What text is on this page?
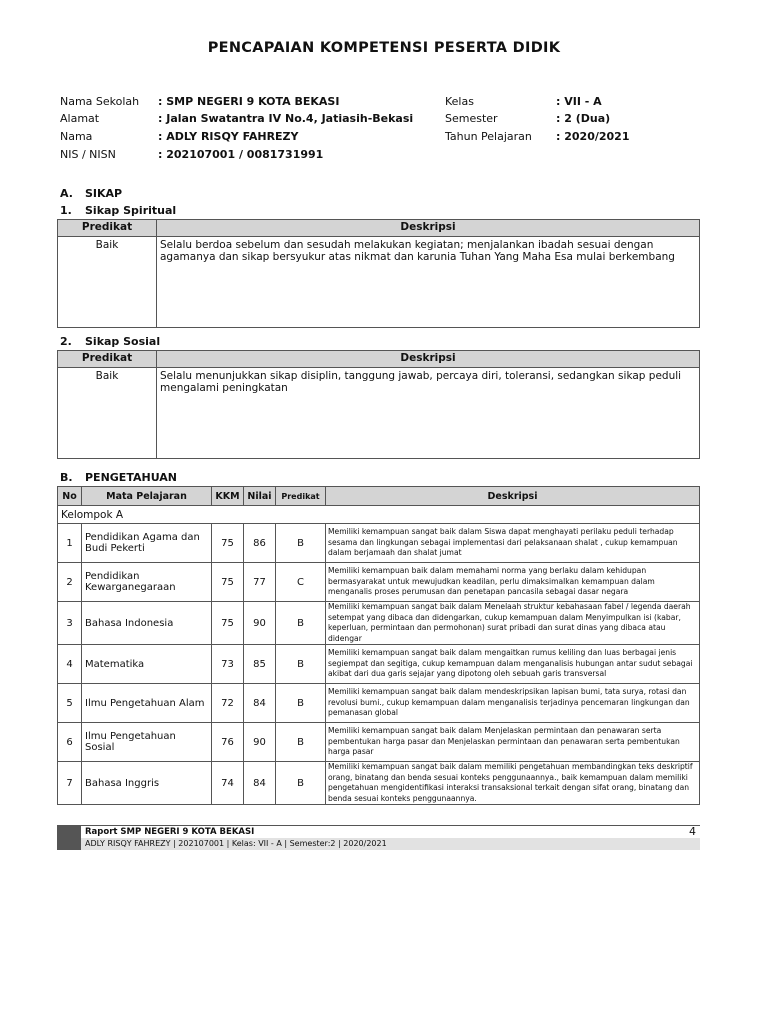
PENCAPAIAN KOMPETENSI PESERTA DIDIK
Nama Sekolah : SMP NEGERI 9 KOTA BEKASI
Alamat	: Jalan Swatantra IV No.4, Jatiasih-Bekasi
Nama	: ADLY RISQY FAHREZY
NIS / NISN	: 202107001 / 0081731991
Kelas	: VII - A
Semester	: 2 (Dua)
Tahun Pelajaran : 2020/2021
A. SIKAP
1. Sikap Spiritual
Predikat	Deskripsi
Baik	Selalu berdoa sebelum dan sesudah melakukan kegiatan; menjalankan ibadah sesuai dengan agamanya dan sikap bersyukur atas nikmat dan karunia Tuhan Yang Maha Esa mulai berkembang
2. Sikap Sosial
Predikat	Deskripsi
Baik	Selalu menunjukkan sikap disiplin, tanggung jawab, percaya diri, toleransi, sedangkan sikap peduli mengalami peningkatan
B. PENGETAHUAN
No	Mata Pelajaran	KKM	Nilai	Predikat	Deskripsi
Kelompok A					
1	Pendidikan Agama dan Budi Pekerti	75	86	B	Memiliki kemampuan sangat baik dalam Siswa dapat menghayati perilaku peduli terhadap sesama dan lingkungan sebagai implementasi dari pelaksanaan shalat , cukup kemampuan dalam berjamaah dan shalat jumat
2	Pendidikan Kewarganegaraan	75	77	C	Memiliki kemampuan baik dalam memahami norma yang berlaku dalam kehidupan bermasyarakat untuk mewujudkan keadilan, perlu dimaksimalkan kemampuan dalam menganalis proses perumusan dan penetapan pancasila sebagai dasar negara
3	Bahasa Indonesia	75	90	B	Memiliki kemampuan sangat baik dalam Menelaah struktur kebahasaan fabel / legenda daerah setempat yang dibaca dan didengarkan, cukup kemampuan dalam Menyimpulkan isi (kabar, keperluan, permintaan dan permohonan) surat pribadi dan surat dinas yang dibaca atau didengar
4	Matematika	73	85	B	Memiliki kemampuan sangat baik dalam mengaitkan rumus keliling dan luas berbagai jenis segiempat dan segitiga, cukup kemampuan dalam menganalisis hubungan antar sudut sebagai akibat dari dua garis sejajar yang dipotong oleh sebuah garis transversal
5	Ilmu Pengetahuan Alam	72	84	B	Memiliki kemampuan sangat baik dalam mendeskripsikan lapisan bumi, tata surya, rotasi dan revolusi bumi., cukup kemampuan dalam menganalisis terjadinya pencemaran lingkungan dan pemanasan global
6	Ilmu Pengetahuan Sosial	76	90	B	Memiliki kemampuan sangat baik dalam Menjelaskan permintaan dan penawaran serta pembentukan harga pasar dan Menjelaskan permintaan dan penawaran serta pembentukan harga pasar
7	Bahasa Inggris	74	84	B	Memiliki kemampuan sangat baik dalam memiliki pengetahuan membandingkan teks deskriptif orang, binatang dan benda sesuai konteks penggunaannya., baik kemampuan dalam memiliki pengetahuan mengidentifikasi interaksi transaksional terkait dengan sifat orang, binatang dan benda sesuai konteks penggunaannya.
Raport SMP NEGERI 9 KOTA BEKASI
ADLY RISQY FAHREZY | 202107001 | Kelas: VII - A | Semester:2 | 2020/2021
4
